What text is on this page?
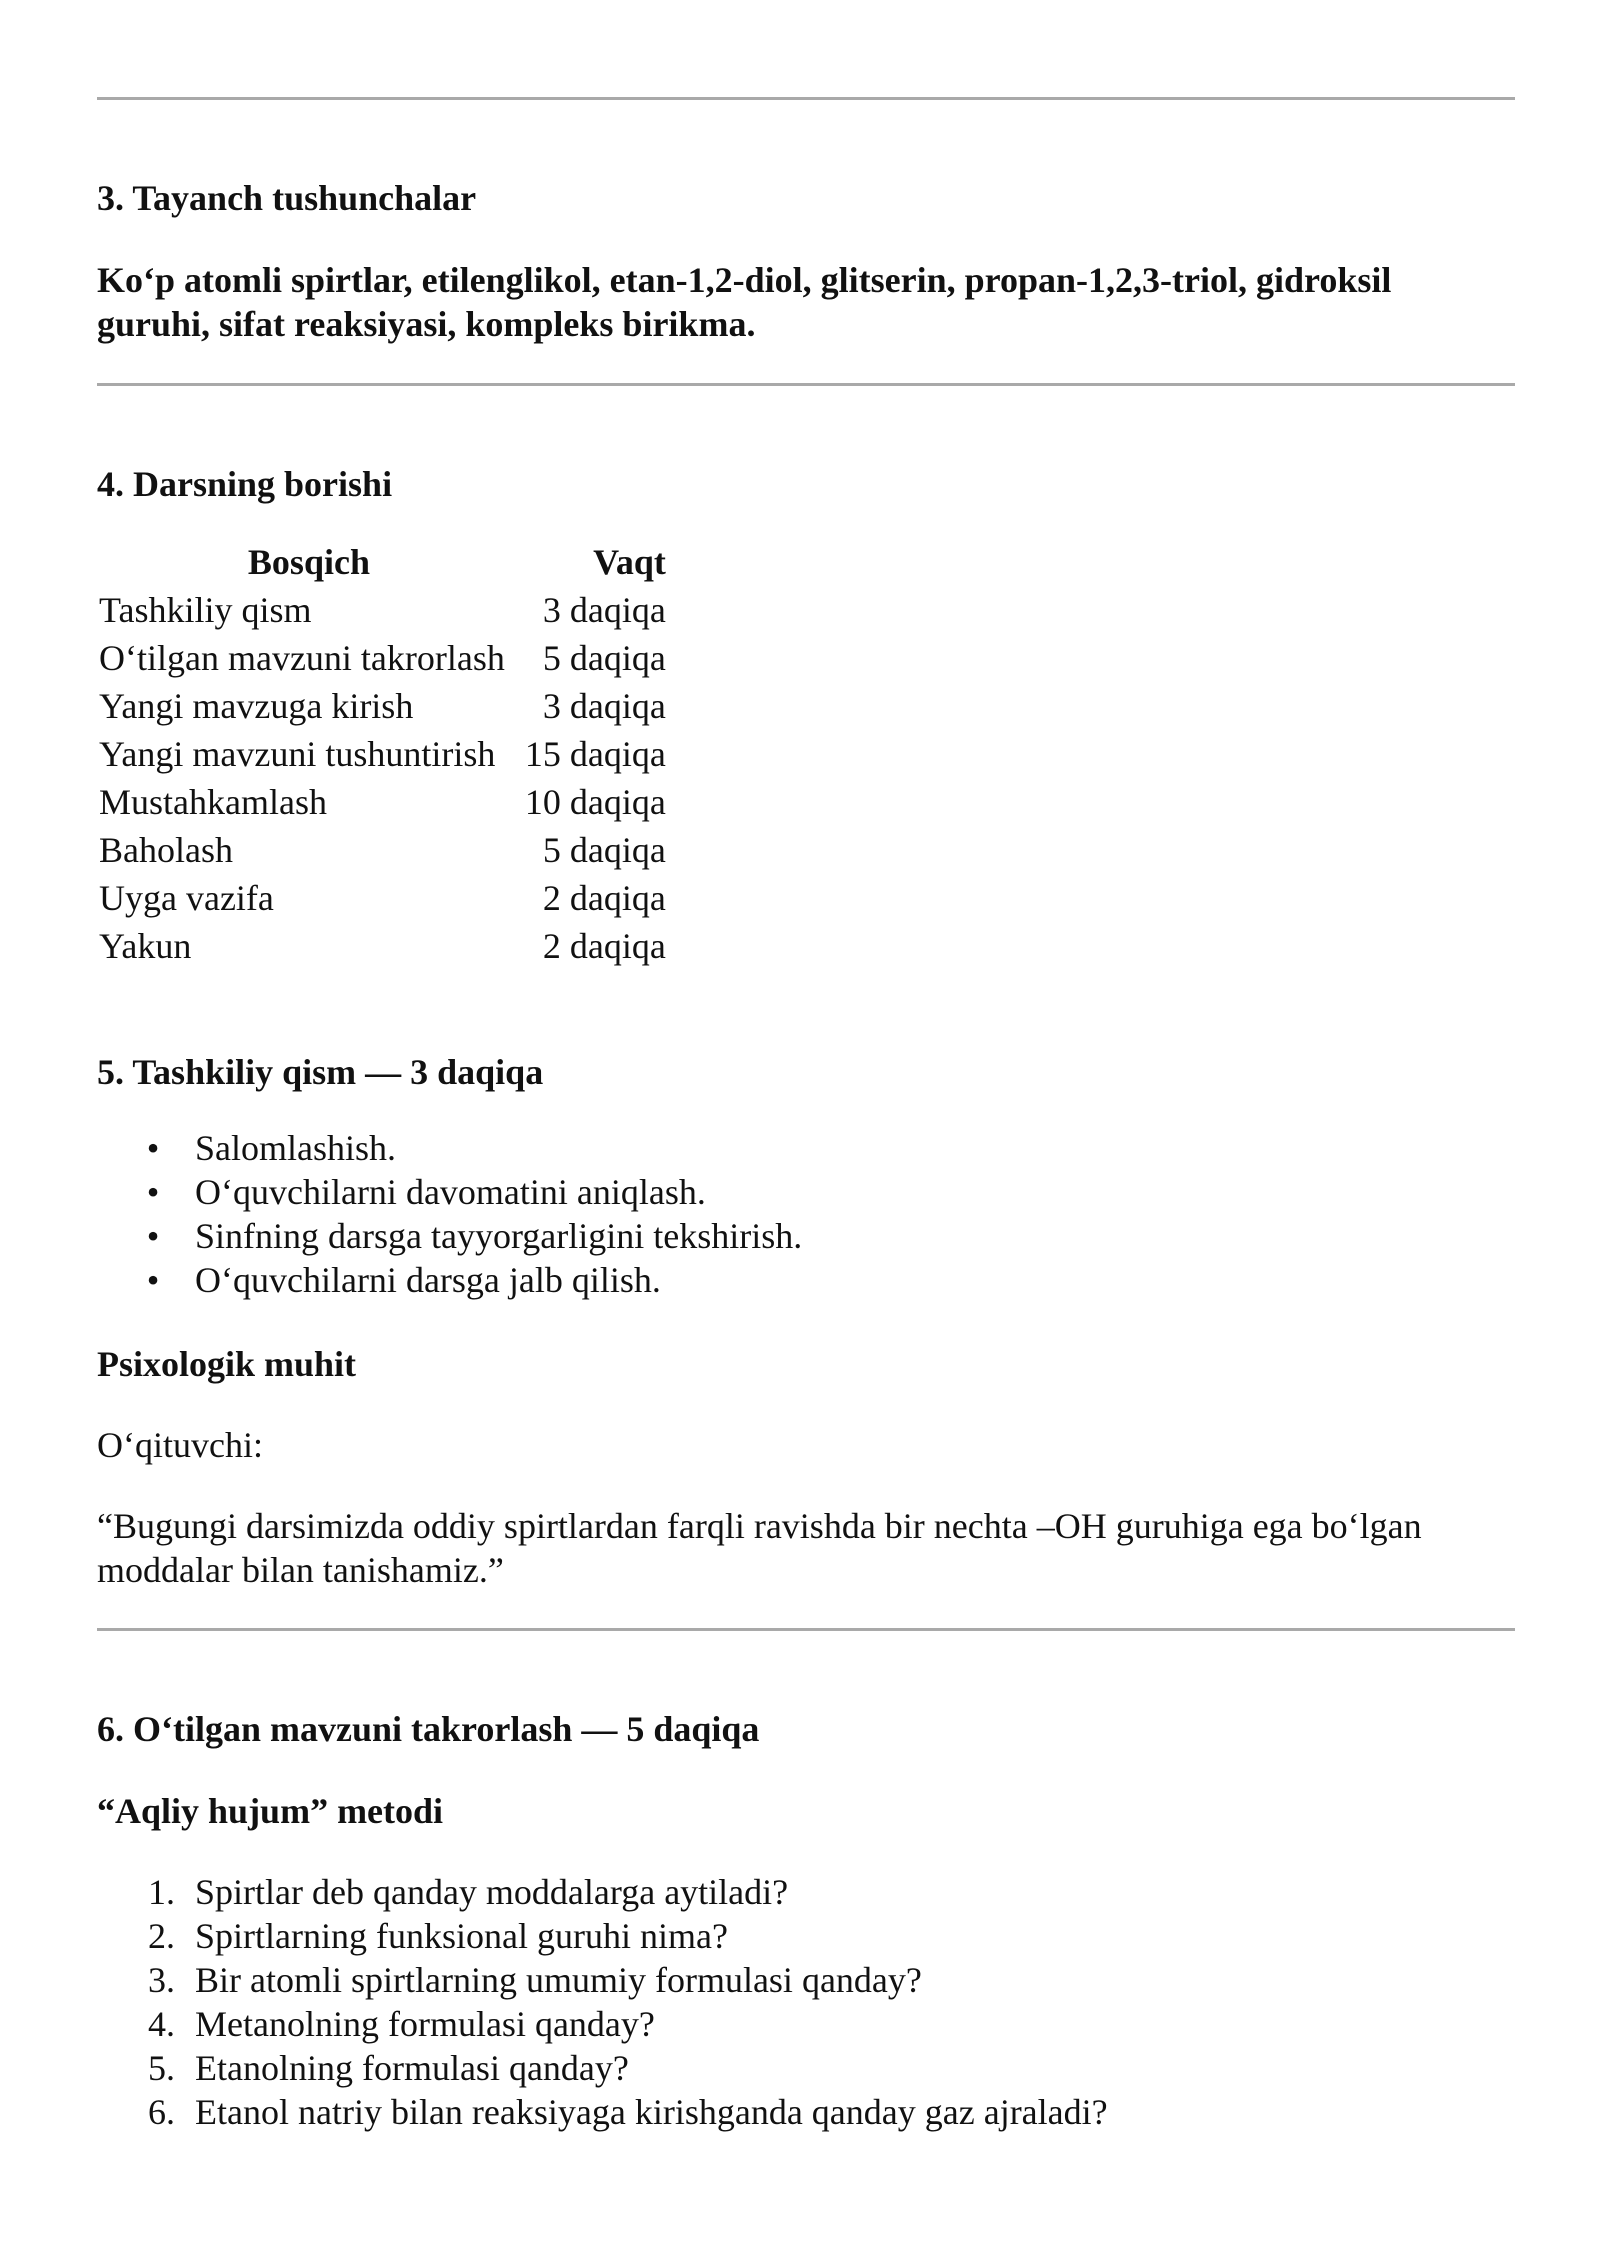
3. Tayanch tushunchalar
Ko‘p atomli spirtlar, etilenglikol, etan-1,2-diol, glitserin, propan-1,2,3-triol, gidroksil
guruhi, sifat reaksiyasi, kompleks birikma.
4. Darsning borishi
Bosqich	Vaqt
Tashkiliy qism	3 daqiqa
O‘tilgan mavzuni takrorlash	5 daqiqa
Yangi mavzuga kirish	3 daqiqa
Yangi mavzuni tushuntirish	15 daqiqa
Mustahkamlash	10 daqiqa
Baholash	5 daqiqa
Uyga vazifa	2 daqiqa
Yakun	2 daqiqa
5. Tashkiliy qism — 3 daqiqa
• Salomlashish.
• O‘quvchilarni davomatini aniqlash.
• Sinfning darsga tayyorgarligini tekshirish.
• O‘quvchilarni darsga jalb qilish.
Psixologik muhit
O‘qituvchi:
“Bugungi darsimizda oddiy spirtlardan farqli ravishda bir nechta –OH guruhiga ega bo‘lgan
moddalar bilan tanishamiz.”
6. O‘tilgan mavzuni takrorlash — 5 daqiqa
“Aqliy hujum” metodi
1. Spirtlar deb qanday moddalarga aytiladi?
2. Spirtlarning funksional guruhi nima?
3. Bir atomli spirtlarning umumiy formulasi qanday?
4. Metanolning formulasi qanday?
5. Etanolning formulasi qanday?
6. Etanol natriy bilan reaksiyaga kirishganda qanday gaz ajraladi?
